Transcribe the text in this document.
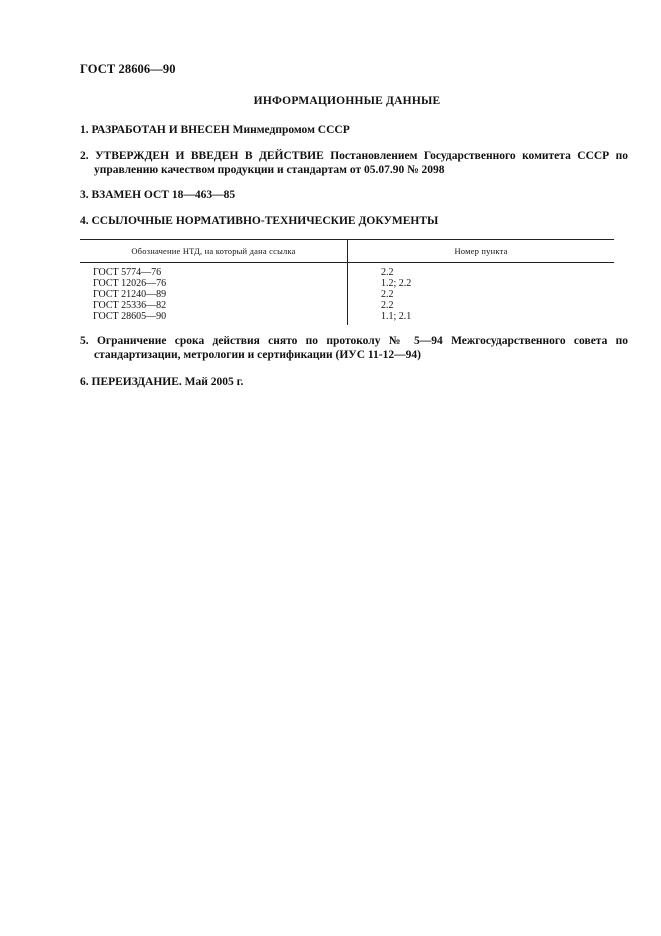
ГОСТ 28606—90
ИНФОРМАЦИОННЫЕ ДАННЫЕ
1. РАЗРАБОТАН И ВНЕСЕН Минмедпромом СССР
2. УТВЕРЖДЕН И ВВЕДЕН В ДЕЙСТВИЕ Постановлением Государственного комитета СССР по управлению качеством продукции и стандартам от 05.07.90 № 2098
3. ВЗАМЕН ОСТ 18—463—85
4. ССЫЛОЧНЫЕ НОРМАТИВНО-ТЕХНИЧЕСКИЕ ДОКУМЕНТЫ
Обозначение НТД, на который дана ссылка	Номер пункта
ГОСТ 5774—76	2.2
ГОСТ 12026—76	1.2; 2.2
ГОСТ 21240—89	2.2
ГОСТ 25336—82	2.2
ГОСТ 28605—90	1.1; 2.1
5. Ограничение срока действия снято по протоколу № 5—94 Межгосударственного совета по стандартизации, метрологии и сертификации (ИУС 11-12—94)
6. ПЕРЕИЗДАНИЕ. Май 2005 г.
